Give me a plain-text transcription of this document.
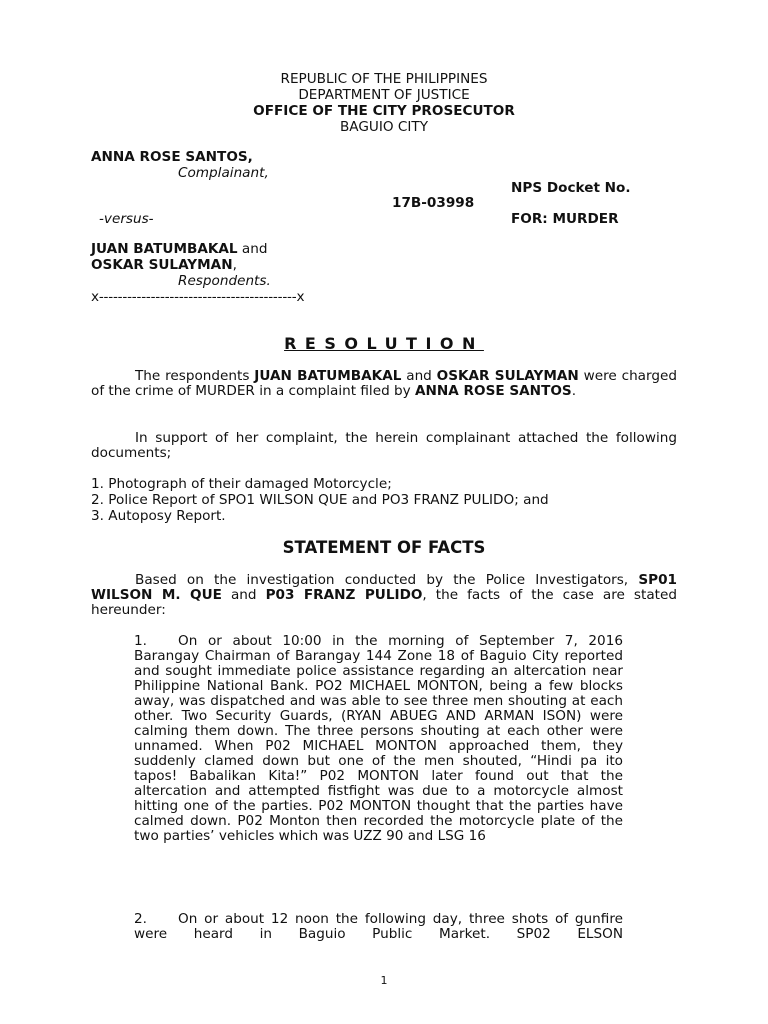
REPUBLIC OF THE PHILIPPINES
DEPARTMENT OF JUSTICE
OFFICE OF THE CITY PROSECUTOR
BAGUIO CITY
ANNA ROSE SANTOS,
Complainant,
NPS Docket No.
17B-03998
-versus-	FOR: MURDER
JUAN BATUMBAKAL and
OSKAR SULAYMAN,
Respondents.
x------------------------------------------x
RESOLUTION
The respondents JUAN BATUMBAKAL and OSKAR SULAYMAN were charged of the crime of MURDER in a complaint filed by ANNA ROSE SANTOS.
In support of her complaint, the herein complainant attached the following documents;
1. Photograph of their damaged Motorcycle;
2. Police Report of SPO1 WILSON QUE and PO3 FRANZ PULIDO; and
3. Autoposy Report.
STATEMENT OF FACTS
Based on the investigation conducted by the Police Investigators, SP01 WILSON M. QUE and P03 FRANZ PULIDO, the facts of the case are stated hereunder:
1. On or about 10:00 in the morning of September 7, 2016 Barangay Chairman of Barangay 144 Zone 18 of Baguio City reported and sought immediate police assistance regarding an altercation near Philippine National Bank. PO2 MICHAEL MONTON, being a few blocks away, was dispatched and was able to see three men shouting at each other. Two Security Guards, (RYAN ABUEG AND ARMAN ISON) were calming them down. The three persons shouting at each other were unnamed. When P02 MICHAEL MONTON approached them, they suddenly clamed down but one of the men shouted, “Hindi pa ito tapos! Babalikan Kita!” P02 MONTON later found out that the altercation and attempted fistfight was due to a motorcycle almost hitting one of the parties. P02 MONTON thought that the parties have calmed down. P02 Monton then recorded the motorcycle plate of the two parties’ vehicles which was UZZ 90 and LSG 16
2. On or about 12 noon the following day, three shots of gunfire were heard in Baguio Public Market. SP02 ELSON
1
